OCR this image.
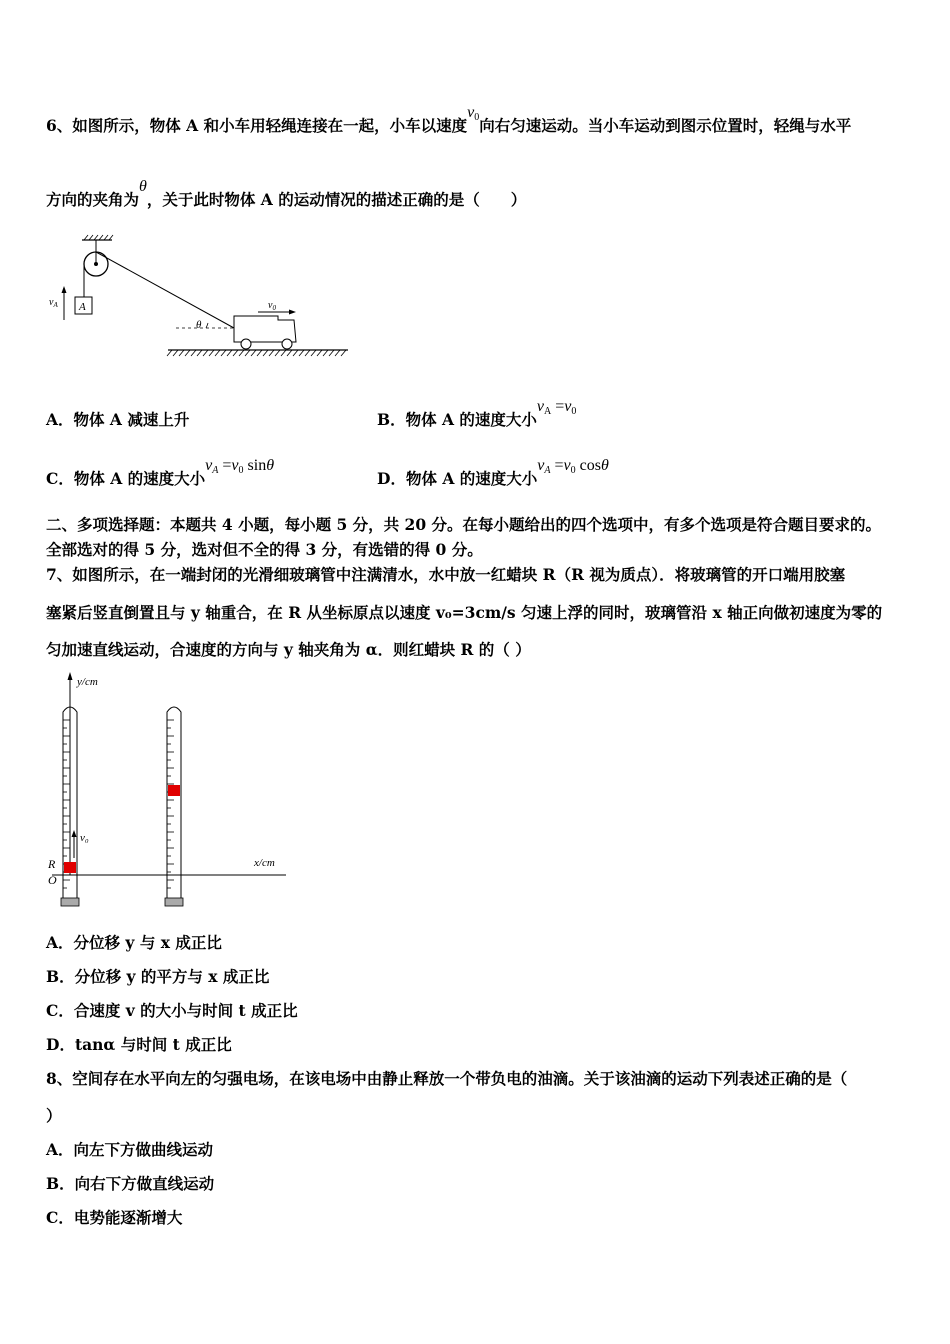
6、如图所示，物体 A 和小车用轻绳连接在一起，小车以速度$v_0$向右匀速运动。当小车运动到图示位置时，轻绳与水平
方向的夹角为θ，关于此时物体 A 的运动情况的描述正确的是（　　）
A
$v_A$
θ
$v_0$
A．物体 A 减速上升	B．物体 A 的速度大小$v_A =v_0$
C．物体 A 的速度大小$v_A =v_0$ sinθ
D．物体 A 的速度大小$v_A =v_0$ cosθ
二、多项选择题：本题共 4 小题，每小题 5 分，共 20 分。在每小题给出的四个选项中，有多个选项是符合题目要求的。
全部选对的得 5 分，选对但不全的得 3 分，有选错的得 0 分。
7、如图所示，在一端封闭的光滑细玻璃管中注满清水，水中放一红蜡块 R（R 视为质点）．将玻璃管的开口端用胶塞
塞紧后竖直倒置且与 y 轴重合，在 R 从坐标原点以速度 v₀=3cm/s 匀速上浮的同时，玻璃管沿 x 轴正向做初速度为零的
匀加速直线运动，合速度的方向与 y 轴夹角为 α．则红蜡块 R 的（ ）
y/cm
x/cm
v₀
R
O
A．分位移 y 与 x 成正比
B．分位移 y 的平方与 x 成正比
C．合速度 v 的大小与时间 t 成正比
D．tanα 与时间 t 成正比
8、空间存在水平向左的匀强电场，在该电场中由静止释放一个带负电的油滴。关于该油滴的运动下列表述正确的是（
）
A．向左下方做曲线运动
B．向右下方做直线运动
C．电势能逐渐增大
